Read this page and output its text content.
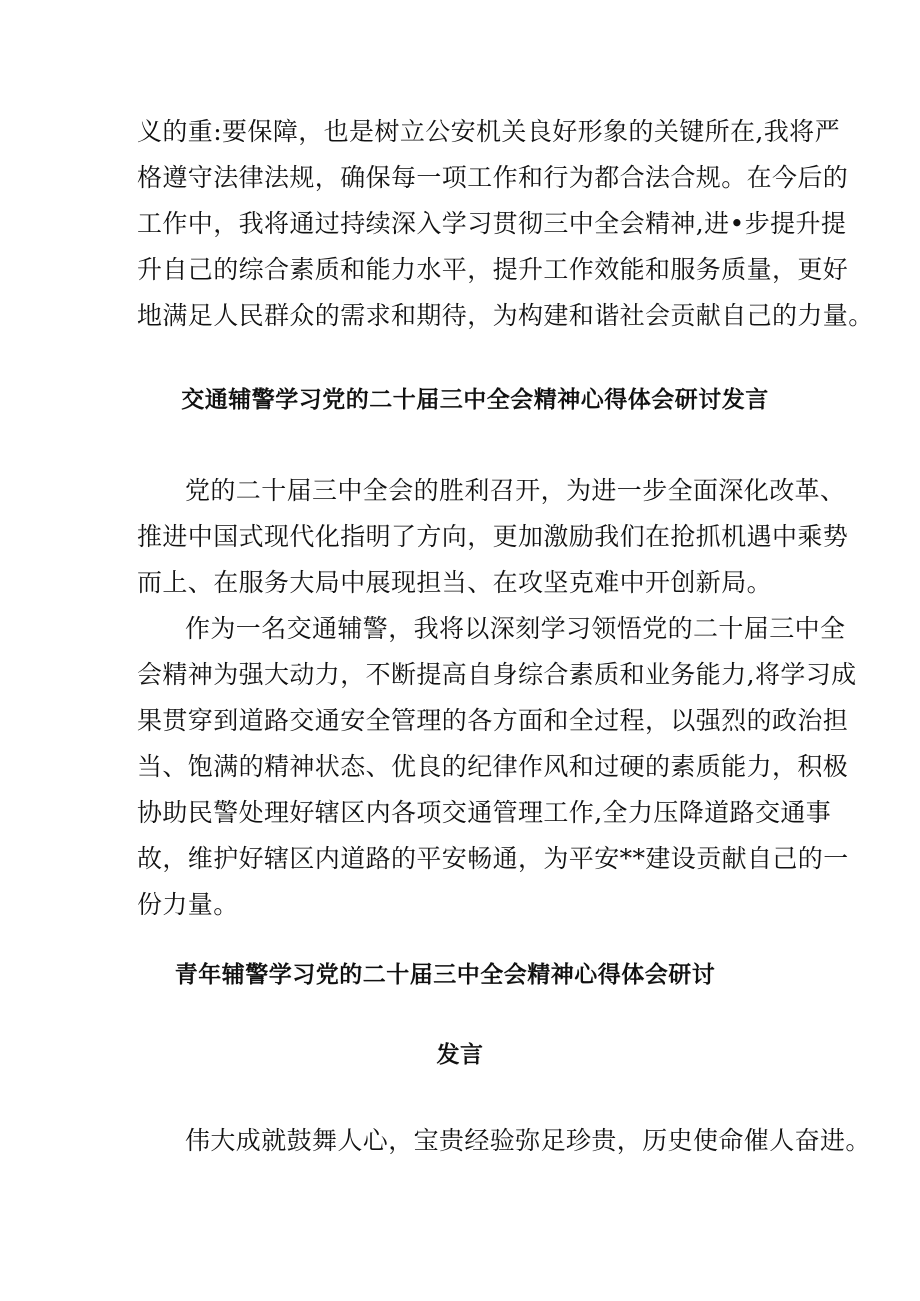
义的重:要保障，也是树立公安机关良好形象的关键所在,我将严
格遵守法律法规，确保每一项工作和行为都合法合规。在今后的
工作中，我将通过持续深入学习贯彻三中全会精神,进•步提升提
升自己的综合素质和能力水平，提升工作效能和服务质量，更好
地满足人民群众的需求和期待，为构建和谐社会贡献自己的力量。
交通辅警学习党的二十届三中全会精神心得体会研讨发言
党的二十届三中全会的胜利召开，为进一步全面深化改革、
推进中国式现代化指明了方向，更加激励我们在抢抓机遇中乘势
而上、在服务大局中展现担当、在攻坚克难中开创新局。
作为一名交通辅警，我将以深刻学习领悟党的二十届三中全
会精神为强大动力，不断提高自身综合素质和业务能力,将学习成
果贯穿到道路交通安全管理的各方面和全过程，以强烈的政治担
当、饱满的精神状态、优良的纪律作风和过硬的素质能力，积极
协助民警处理好辖区内各项交通管理工作,全力压降道路交通事
故，维护好辖区内道路的平安畅通，为平安**建设贡献自己的一
份力量。
青年辅警学习党的二十届三中全会精神心得体会研讨
发言
伟大成就鼓舞人心，宝贵经验弥足珍贵，历史使命催人奋进。
